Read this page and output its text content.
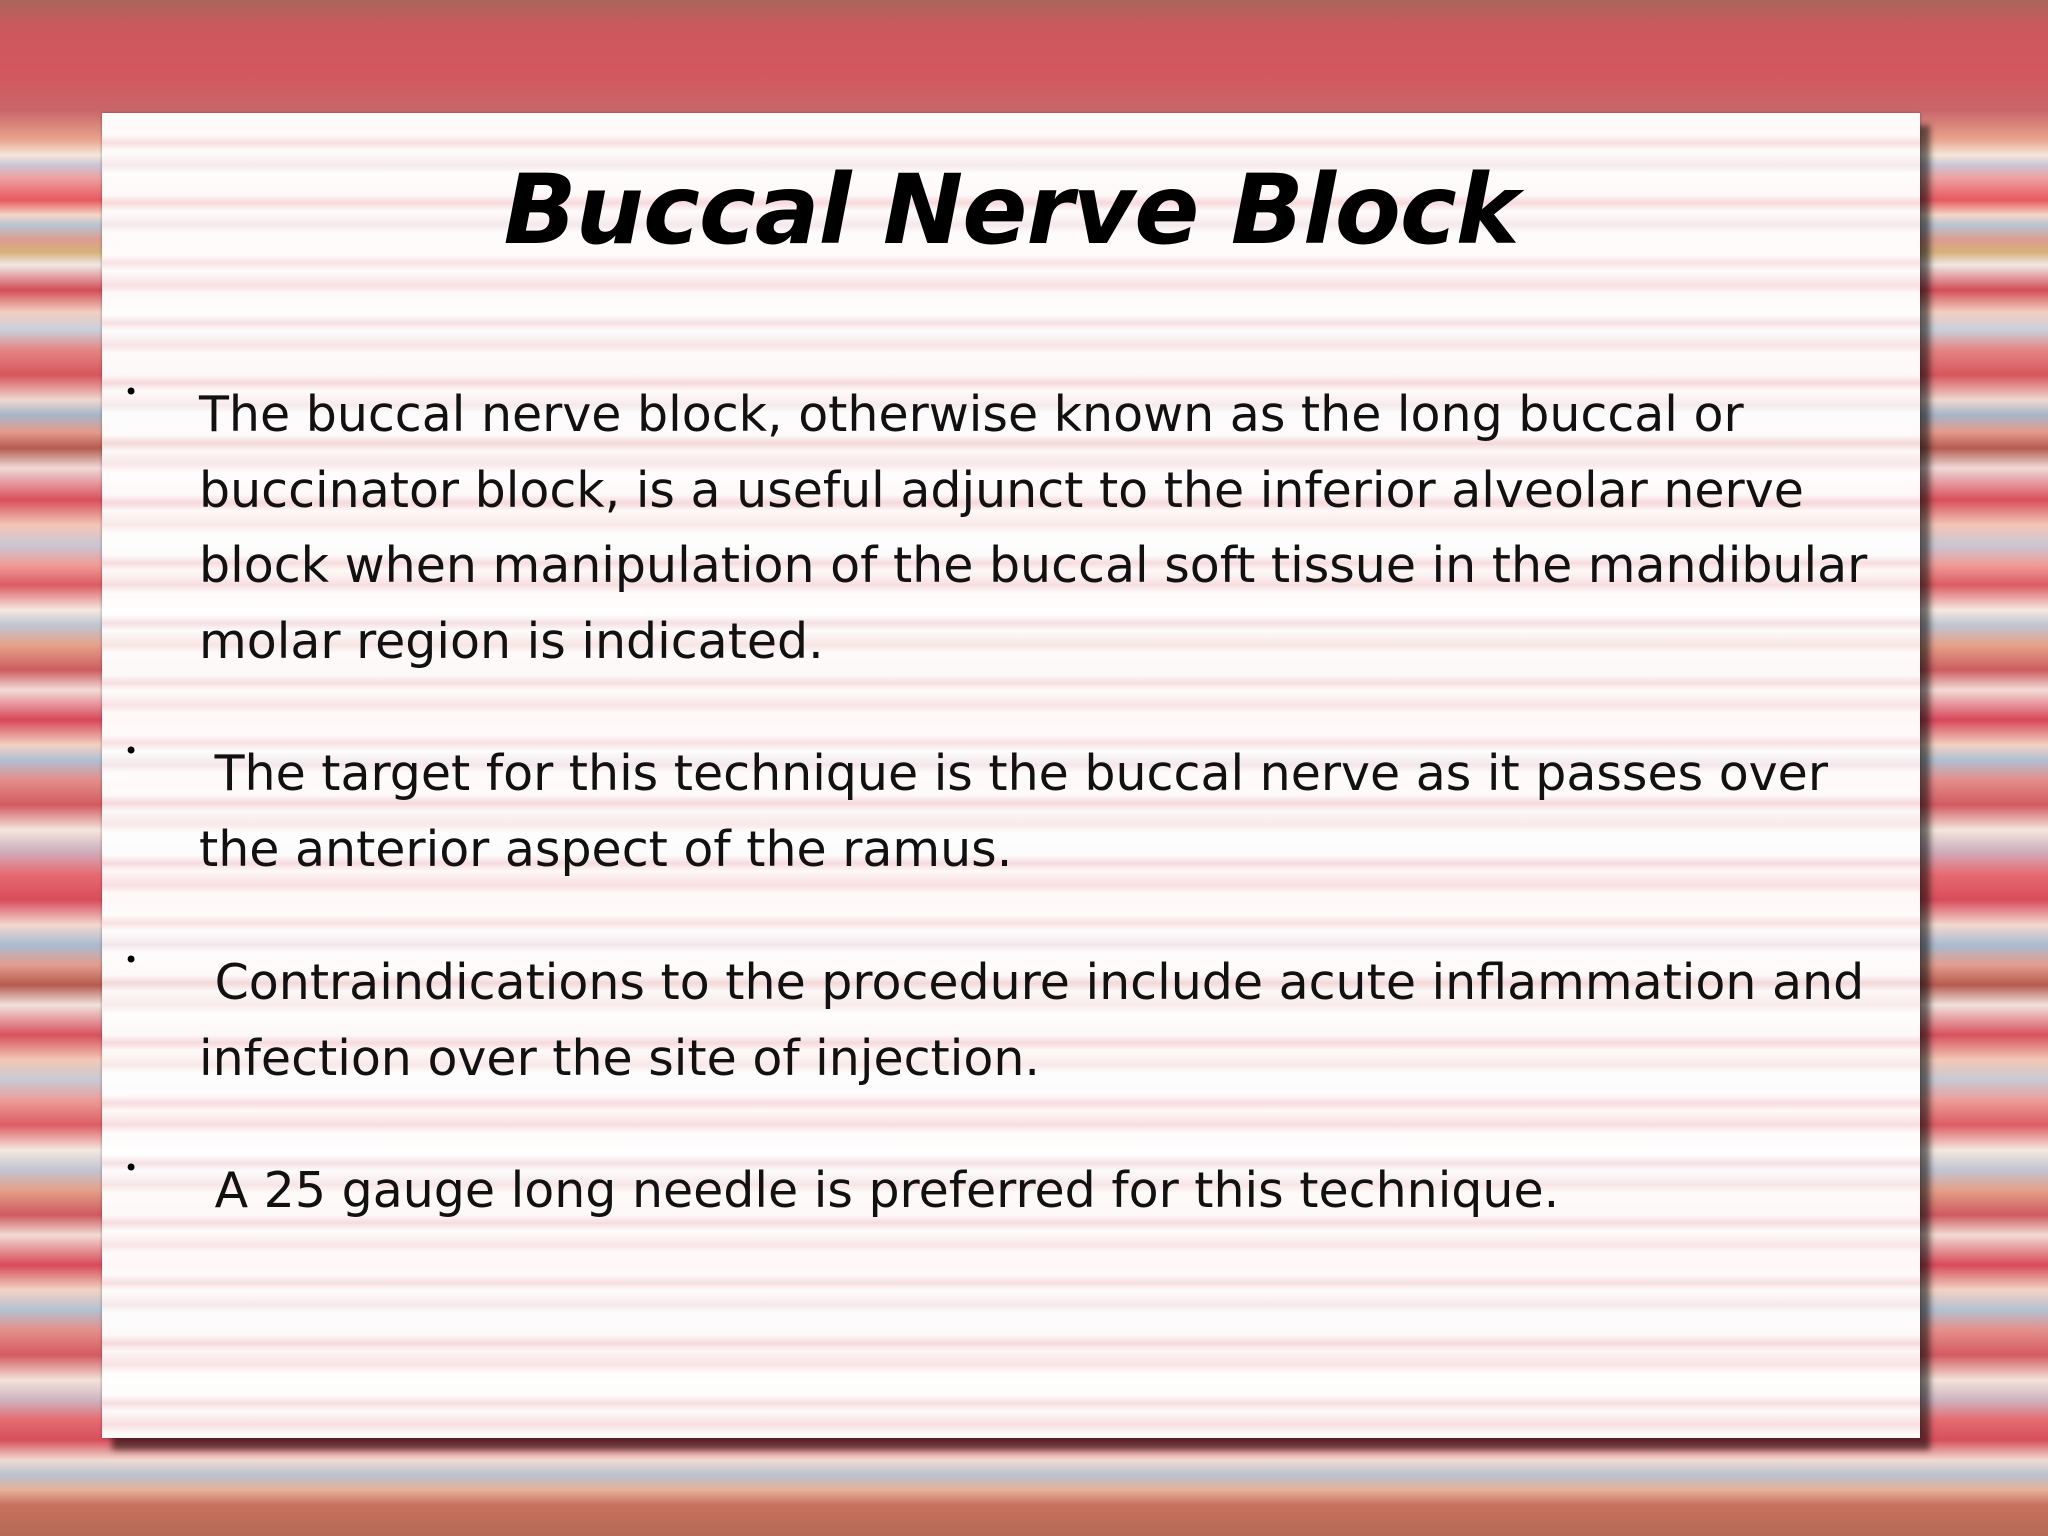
Buccal Nerve Block
• The buccal nerve block, otherwise known as the long buccal or
buccinator block, is a useful adjunct to the inferior alveolar nerve
block when manipulation of the buccal soft tissue in the mandibular
molar region is indicated.

•	The target for this technique is the buccal nerve as it passes over
the anterior aspect of the ramus.

•	Contraindications to the procedure include acute inflammation and
infection over the site of injection.

• A 25 gauge long needle is preferred for this technique.
